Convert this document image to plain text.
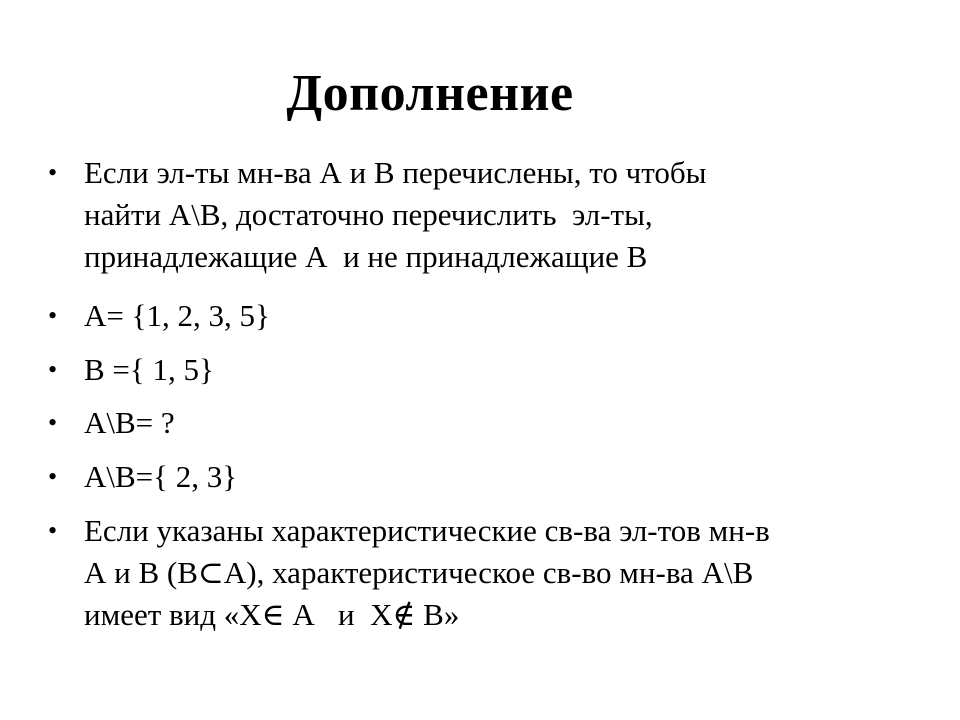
Дополнение
• Если эл-ты мн-ва А и В перечислены, то чтобы
найти А\В, достаточно перечислить  эл-ты,
принадлежащие А  и не принадлежащие В
• А= {1, 2, 3, 5}
• В ={ 1, 5}
• А\В= ?
• А\В={ 2, 3}
• Если указаны характеристические св-ва эл-тов мн-в
А и В (В⊂А), характеристическое св-во мн-ва А\В
имеет вид «Х∈ А   и  Х∉ В»
